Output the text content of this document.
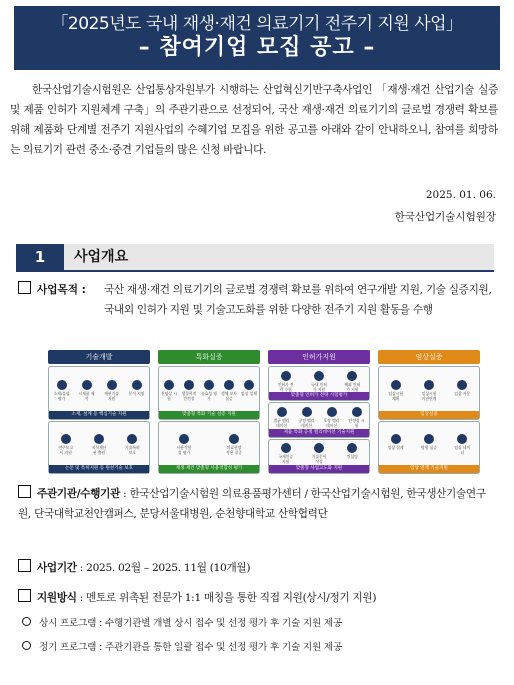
「2025년도 국내 재생·재건 의료기기 전주기 지원 사업」
– 참여기업 모집 공고 –

한국산업기술시험원은 산업통상자원부가 시행하는 산업혁신기반구축사업인 「재생·재건 산업기술 실증 및 제품 인허가 지원체계 구축」의 주관기관으로 선정되어, 국산 재생·재건 의료기기의 글로벌 경쟁력 확보를 위해 제품화 단계별 전주기 지원사업의 수혜기업 모집을 위한 공고를 아래와 같이 안내하오니, 참여를 희망하는 의료기기 관련 중소·중견 기업들의 많은 신청 바랍니다.

2025. 01. 06.
한국산업기술시험원장
1	사업개요
사업목적 : 국산 재생·재건 의료기기의 글로벌 경쟁력 확보를 위하여 연구개발 지원, 기술 실증지원, 국내외 인허가 지원 및 기술고도화를 위한 다양한 전주기 지원 활동을 수행
기술개발
소재/물성 평가
시제품 제작
재현기술 지원
분석 지원
소재, 설계 등 핵심기술 지원
연구보고서 지원
지식재산권 출원
기술특허 보호
논문 및 특허지원 등 원천기술 보호
특화실증
전임상 시험
생물학적 안전성
유효성 평가
생체 모사 실증
임상 설계
맞춤형 특화 기술 실증 지원
사용적합성 평가
의료현장 적용 실증
재생·재건 맞춤형 사용적합성 평가
인허가지원
인허가 전략 수립
국내 인허가 지원
해외 인허가 지원
맞춤형 인허가 전략 시험평가
멸균 밸리데이션
공정 밸리데이션
포장 밸리데이션
안정성 시험
제품 특화 공정 밸리데이션 기술지원
국제인증 지원
기술문서 작성
컨설팅
맞춤형 사업고도화 지원
임상실증
임상시험 계획
임상시험 기관연계
임상 자문
임상실증
임상 설계	병원 실증	임상 데이터
임상 연계 기술지원
주관기관/수행기관 : 한국산업기술시험원 의료용품평가센터 / 한국산업기술시험원, 한국생산기술연구원, 단국대학교천안캠퍼스, 분당서울대병원, 순천향대학교 산학협력단
사업기간 : 2025. 02월 – 2025. 11월 (10개월)
지원방식 : 멘토로 위촉된 전문가 1:1 매칭을 통한 직접 지원(상시/정기 지원)
상시 프로그램 : 수행기관별 개별 상시 접수 및 선정 평가 후 기술 지원 제공
정기 프로그램 : 주관기관을 통한 일괄 접수 및 선정 평가 후 기술 지원 제공
